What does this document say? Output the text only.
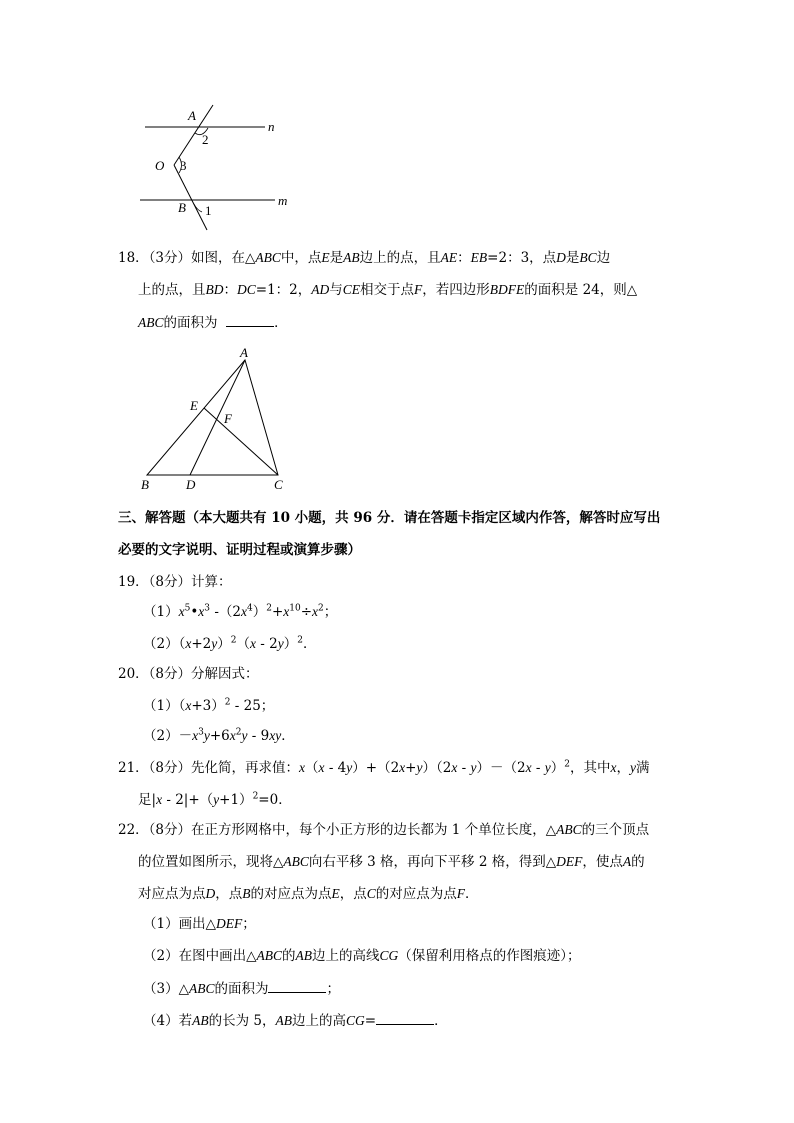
A
n
2
O 3
B 1
m
18．（3分）如图，在△ABC中，点E是AB边上的点，且AE：EB=2：3，点D是BC边
上的点，且BD：DC=1：2，AD与CE相交于点F，若四边形BDFE的面积是 24，则△
ABC的面积为	．
A
E
F
B	D	C
三、解答题（本大题共有 10 小题，共 96 分．请在答题卡指定区域内作答，解答时应写出
必要的文字说明、证明过程或演算步骤）
19．（8分）计算：
$(1)x^5•x^3$ $-(2x^4)^2+x^{10}\div x^2$；
$(2)(x+2y)^2(x - 2y)^2$．
20．（8分）分解因式：
$(1)(x+3)^2 - 25$；
$(2)-x^3y+6x^2y - 9xy$．
21．（8分）先化简，再求值：x（x - 4y）+（2x+y）（2x - y）－（2x - y）$^2$，其中x，y满
足$|x - 2|+(y+1)^2=0$．
22．（8分）在正方形网格中，每个小正方形的边长都为 1 个单位长度，△ABC的三个顶点
的位置如图所示，现将△ABC向右平移 3 格，再向下平移 2 格，得到△DEF，使点A的
对应点为点D，点B的对应点为点E，点C的对应点为点F．
（1）画出△DEF；
（2）在图中画出△ABC的AB边上的高线CG（保留利用格点的作图痕迹）；
（3）△ABC的面积为	；
（4）若AB的长为 5，AB边上的高CG=	．
